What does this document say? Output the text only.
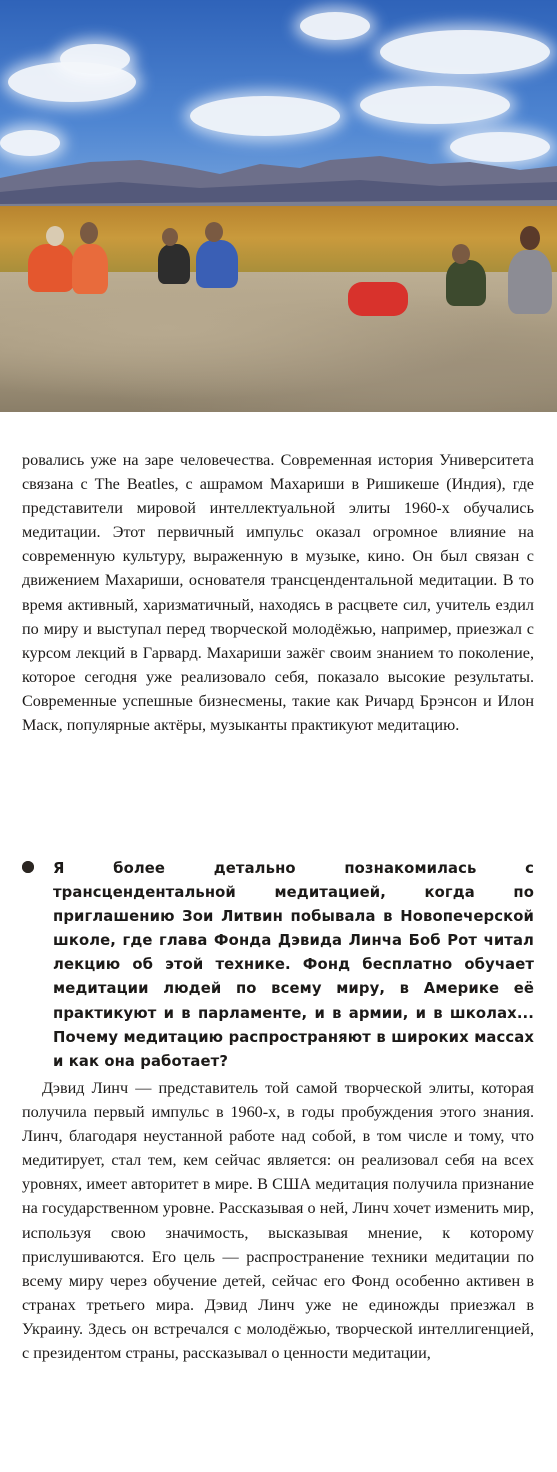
ровались уже на заре человечества. Современная история Университета связана с The Beatles, с ашрамом Махариши в Ришикеше (Индия), где представители мировой интеллектуальной элиты 1960-х обучались медитации. Этот первичный импульс оказал огромное влияние на современную культуру, выраженную в музыке, кино. Он был связан с движением Махариши, основателя трансцендентальной медитации. В то время активный, харизматичный, находясь в расцвете сил, учитель ездил по миру и выступал перед творческой молодёжью, например, приезжал с курсом лекций в Гарвард. Махариши зажёг своим знанием то поколение, которое сегодня уже реализовало себя, показало высокие результаты. Современные успешные бизнесмены, такие как Ричард Брэнсон и Илон Маск, популярные актёры, музыканты практикуют медитацию.

Я более детально познакомилась с трансцендентальной медитацией, когда по приглашению Зои Литвин побывала в Новопечерской школе, где глава Фонда Дэвида Линча Боб Рот читал лекцию об этой технике. Фонд бесплатно обучает медитации людей по всему миру, в Америке её практикуют и в парламенте, и в армии, и в школах... Почему медитацию распространяют в широких массах и как она работает?

Дэвид Линч — представитель той самой творческой элиты, которая получила первый импульс в 1960-х, в годы пробуждения этого знания. Линч, благодаря неустанной работе над собой, в том числе и тому, что медитирует, стал тем, кем сейчас является: он реализовал себя на всех уровнях, имеет авторитет в мире. В США медитация получила признание на государственном уровне. Рассказывая о ней, Линч хочет изменить мир, используя свою значимость, высказывая мнение, к которому прислушиваются. Его цель — распространение техники медитации по всему миру через обучение детей, сейчас его Фонд особенно активен в странах третьего мира. Дэвид Линч уже не единожды приезжал в Украину. Здесь он встречался с молодёжью, творческой интеллигенцией, с президентом страны, рассказывал о ценности медитации,
